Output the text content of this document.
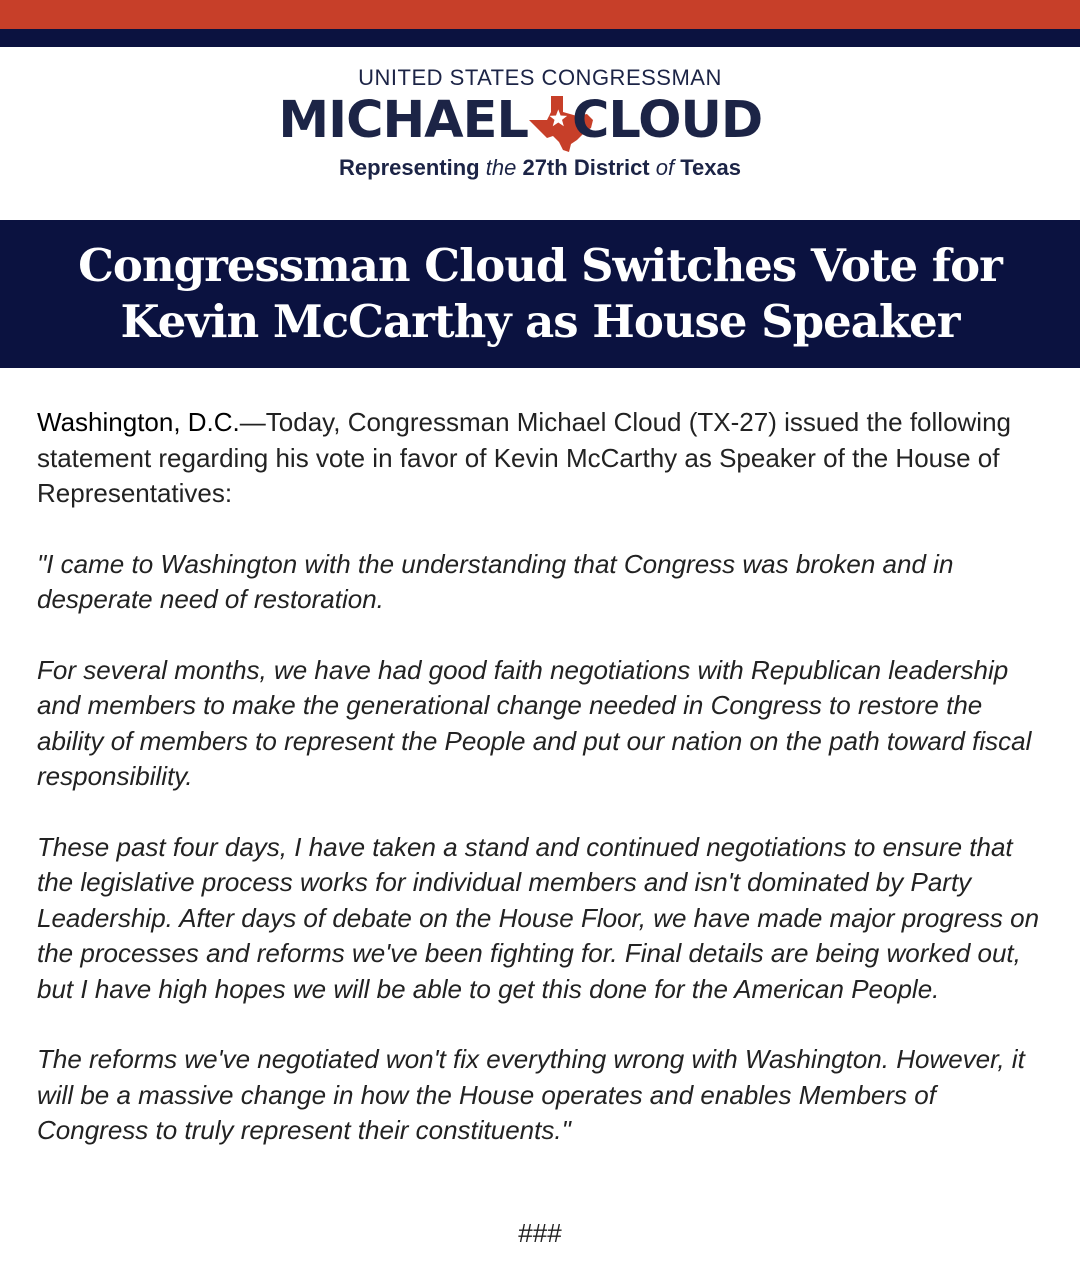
UNITED STATES CONGRESSMAN
MICHAEL CLOUD
Representing the 27th District of Texas
Congressman Cloud Switches Vote for Kevin McCarthy as House Speaker

Washington, D.C.—Today, Congressman Michael Cloud (TX-27) issued the following statement regarding his vote in favor of Kevin McCarthy as Speaker of the House of Representatives:

"I came to Washington with the understanding that Congress was broken and in desperate need of restoration.

For several months, we have had good faith negotiations with Republican leadership and members to make the generational change needed in Congress to restore the ability of members to represent the People and put our nation on the path toward fiscal responsibility.

These past four days, I have taken a stand and continued negotiations to ensure that the legislative process works for individual members and isn't dominated by Party Leadership. After days of debate on the House Floor, we have made major progress on the processes and reforms we've been fighting for. Final details are being worked out, but I have high hopes we will be able to get this done for the American People.

The reforms we've negotiated won't fix everything wrong with Washington. However, it will be a massive change in how the House operates and enables Members of Congress to truly represent their constituents."

###
